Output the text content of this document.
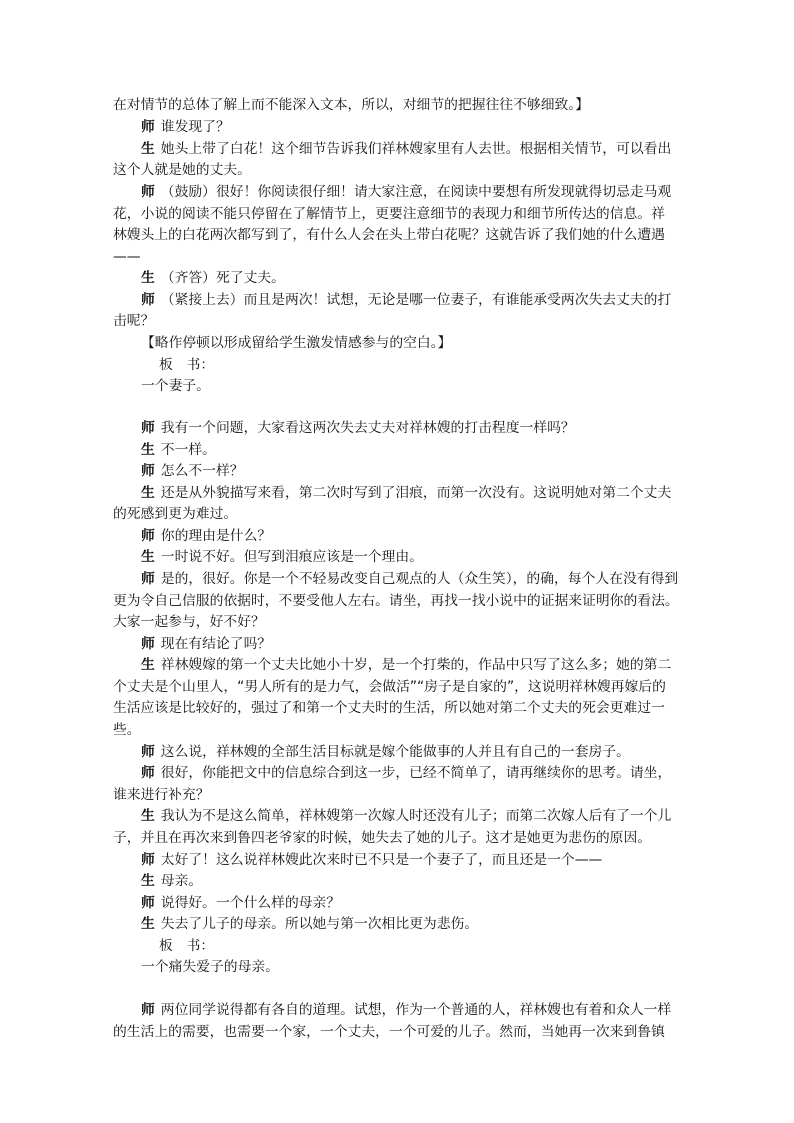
在对情节的总体了解上而不能深入文本，所以，对细节的把握往往不够细致。】
师 谁发现了？
生 她头上带了白花！这个细节告诉我们祥林嫂家里有人去世。根据相关情节，可以看出
这个人就是她的丈夫。
师 （鼓励）很好！你阅读很仔细！请大家注意，在阅读中要想有所发现就得切忌走马观
花，小说的阅读不能只停留在了解情节上，更要注意细节的表现力和细节所传达的信息。祥
林嫂头上的白花两次都写到了，有什么人会在头上带白花呢？这就告诉了我们她的什么遭遇
——
生 （齐答）死了丈夫。
师 （紧接上去）而且是两次！试想，无论是哪一位妻子，有谁能承受两次失去丈夫的打
击呢？
【略作停顿以形成留给学生激发情感参与的空白。】
板　书：
一个妻子。
师 我有一个问题，大家看这两次失去丈夫对祥林嫂的打击程度一样吗？
生 不一样。
师 怎么不一样？
生 还是从外貌描写来看，第二次时写到了泪痕，而第一次没有。这说明她对第二个丈夫
的死感到更为难过。
师 你的理由是什么？
生 一时说不好。但写到泪痕应该是一个理由。
师 是的，很好。你是一个不轻易改变自己观点的人（众生笑），的确，每个人在没有得到
更为令自己信服的依据时，不要受他人左右。请坐，再找一找小说中的证据来证明你的看法。
大家一起参与，好不好？
师 现在有结论了吗？
生 祥林嫂嫁的第一个丈夫比她小十岁，是一个打柴的，作品中只写了这么多；她的第二
个丈夫是个山里人，“男人所有的是力气，会做活”“房子是自家的”，这说明祥林嫂再嫁后的
生活应该是比较好的，强过了和第一个丈夫时的生活，所以她对第二个丈夫的死会更难过一
些。
师 这么说，祥林嫂的全部生活目标就是嫁个能做事的人并且有自己的一套房子。
师 很好，你能把文中的信息综合到这一步，已经不简单了，请再继续你的思考。请坐，
谁来进行补充？
生 我认为不是这么简单，祥林嫂第一次嫁人时还没有儿子；而第二次嫁人后有了一个儿
子，并且在再次来到鲁四老爷家的时候，她失去了她的儿子。这才是她更为悲伤的原因。
师 太好了！这么说祥林嫂此次来时已不只是一个妻子了，而且还是一个——
生 母亲。
师 说得好。一个什么样的母亲？
生 失去了儿子的母亲。所以她与第一次相比更为悲伤。
板　书：
一个痛失爱子的母亲。
师 两位同学说得都有各自的道理。试想，作为一个普通的人，祥林嫂也有着和众人一样
的生活上的需要，也需要一个家，一个丈夫，一个可爱的儿子。然而，当她再一次来到鲁镇
